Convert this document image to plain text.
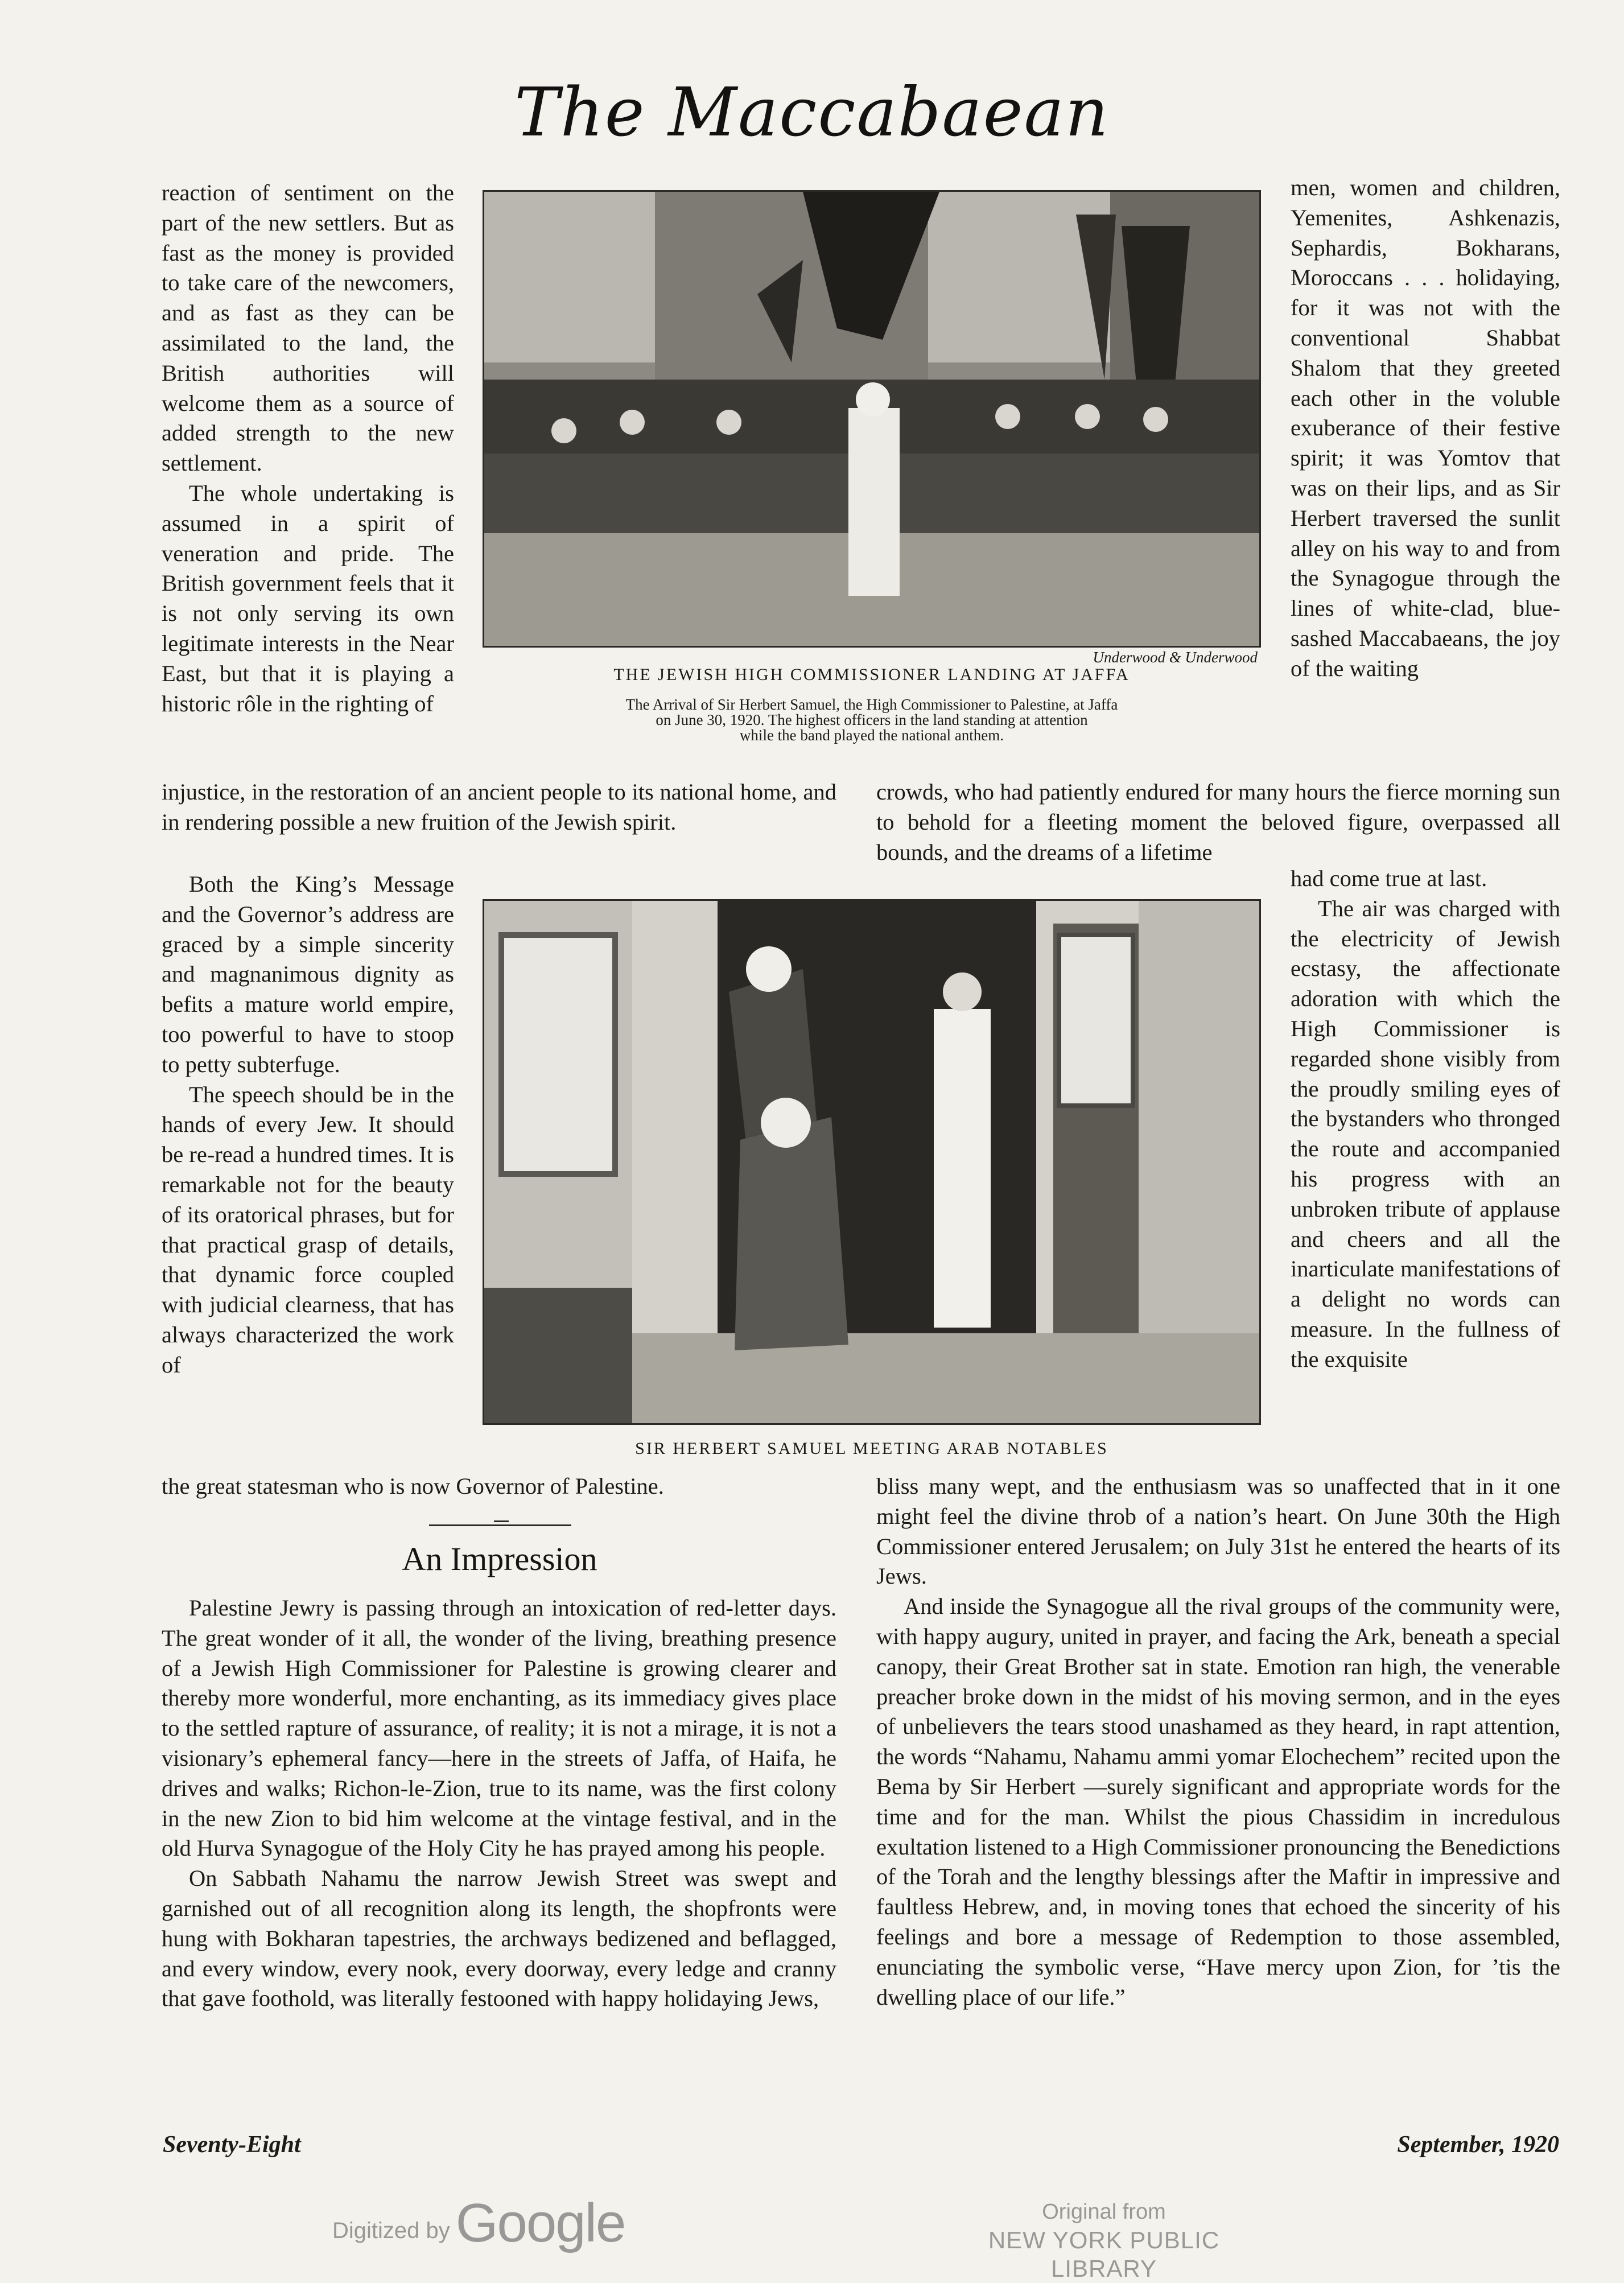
The Maccabaean
Underwood & Underwood
THE JEWISH HIGH COMMISSIONER LANDING AT JAFFA
The Arrival of Sir Herbert Samuel, the High Commissioner to Palestine, at Jaffa
on June 30, 1920. The highest officers in the land standing at attention
while the band played the national anthem.
SIR HERBERT SAMUEL MEETING ARAB NOTABLES

reaction of sentiment on the part of the new settlers. But as fast as the money is provided to take care of the newcomers, and as fast as they can be assimilated to the land, the British authorities will welcome them as a source of added strength to the new settlement.

The whole undertaking is assumed in a spirit of veneration and pride. The British government feels that it is not only serving its own legitimate interests in the Near East, but that it is playing a historic rôle in the righting of

injustice, in the restoration of an ancient people to its national home, and in rendering possible a new fruition of the Jewish spirit.

Both the King’s Message and the Governor’s address are graced by a simple sincerity and magnanimous dignity as befits a mature world empire, too powerful to have to stoop to petty subterfuge.

The speech should be in the hands of every Jew. It should be re-read a hundred times. It is remarkable not for the beauty of its oratorical phrases, but for that practical grasp of details, that dynamic force coupled with judicial clearness, that has always characterized the work of

the great statesman who is now Governor of Palestine.

An Impression

Palestine Jewry is passing through an intoxication of red-letter days. The great wonder of it all, the wonder of the living, breathing presence of a Jewish High Commissioner for Palestine is growing clearer and thereby more wonderful, more enchanting, as its immediacy gives place to the settled rapture of assurance, of reality; it is not a mirage, it is not a visionary’s ephemeral fancy—here in the streets of Jaffa, of Haifa, he drives and walks; Richon-le-Zion, true to its name, was the first colony in the new Zion to bid him welcome at the vintage festival, and in the old Hurva Synagogue of the Holy City he has prayed among his people.

On Sabbath Nahamu the narrow Jewish Street was swept and garnished out of all recognition along its length, the shopfronts were hung with Bokharan tapestries, the archways bedizened and beflagged, and every window, every nook, every doorway, every ledge and cranny that gave foothold, was literally festooned with happy holidaying Jews,

men, women and children, Yemenites, Ashkenazis, Sephardis, Bokharans, Moroccans . . . holidaying, for it was not with the conventional Shabbat Shalom that they greeted each other in the voluble exuberance of their festive spirit; it was Yomtov that was on their lips, and as Sir Herbert traversed the sunlit alley on his way to and from the Synagogue through the lines of white-clad, blue-sashed Maccabaeans, the joy of the waiting

crowds, who had patiently endured for many hours the fierce morning sun to behold for a fleeting moment the beloved figure, overpassed all bounds, and the dreams of a lifetime

had come true at last.

The air was charged with the electricity of Jewish ecstasy, the affectionate adoration with which the High Commissioner is regarded shone visibly from the proudly smiling eyes of the bystanders who thronged the route and accompanied his progress with an unbroken tribute of applause and cheers and all the inarticulate manifestations of a delight no words can measure. In the fullness of the exquisite

bliss many wept, and the enthusiasm was so unaffected that in it one might feel the divine throb of a nation’s heart. On June 30th the High Commissioner entered Jerusalem; on July 31st he entered the hearts of its Jews.

And inside the Synagogue all the rival groups of the community were, with happy augury, united in prayer, and facing the Ark, beneath a special canopy, their Great Brother sat in state. Emotion ran high, the venerable preacher broke down in the midst of his moving sermon, and in the eyes of unbelievers the tears stood unashamed as they heard, in rapt attention, the words “Nahamu, Nahamu ammi yomar Elochechem” recited upon the Bema by Sir Herbert —surely significant and appropriate words for the time and for the man. Whilst the pious Chassidim in incredulous exultation listened to a High Commissioner pronouncing the Benedictions of the Torah and the lengthy blessings after the Maftir in impressive and faultless Hebrew, and, in moving tones that echoed the sincerity of his feelings and bore a message of Redemption to those assembled, enunciating the symbolic verse, “Have mercy upon Zion, for ’tis the dwelling place of our life.”

Seventy-Eight	September, 1920
Digitized by Google	Original from
NEW YORK PUBLIC LIBRARY
